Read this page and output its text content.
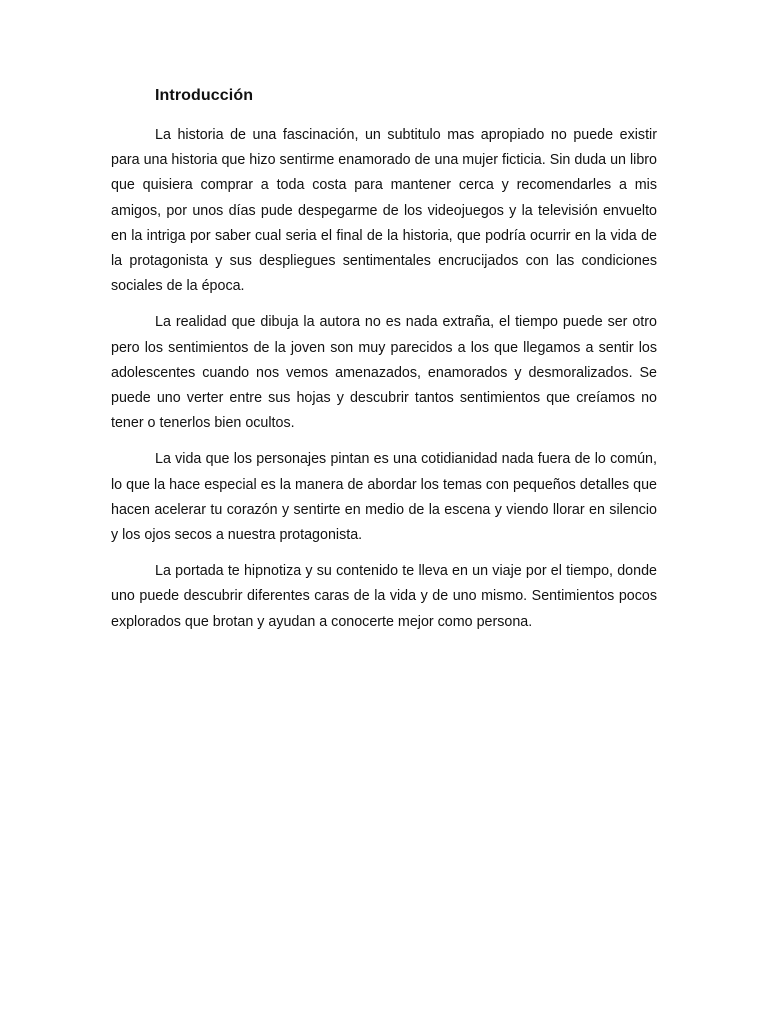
Introducción

La historia de una fascinación, un subtitulo mas apropiado no puede existir para una historia que hizo sentirme enamorado de una mujer ficticia. Sin duda un libro que quisiera comprar a toda costa para mantener cerca y recomendarles a mis amigos, por unos días pude despegarme de los videojuegos y la televisión envuelto en la intriga por saber cual seria el final de la historia, que podría ocurrir en la vida de la protagonista y sus despliegues sentimentales encrucijados con las condiciones sociales de la época.

La realidad que dibuja la autora no es nada extraña, el tiempo puede ser otro pero los sentimientos de la joven son muy parecidos a los que llegamos a sentir los adolescentes cuando nos vemos amenazados, enamorados y desmoralizados. Se puede uno verter entre sus hojas y descubrir tantos sentimientos que creíamos no tener o tenerlos bien ocultos.

La vida que los personajes pintan es una cotidianidad nada fuera de lo común, lo que la hace especial es la manera de abordar los temas con pequeños detalles que hacen acelerar tu corazón y sentirte en medio de la escena y viendo llorar en silencio y los ojos secos a nuestra protagonista.

La portada te hipnotiza y su contenido te lleva en un viaje por el tiempo, donde uno puede descubrir diferentes caras de la vida y de uno mismo. Sentimientos pocos explorados que brotan y ayudan a conocerte mejor como persona.
